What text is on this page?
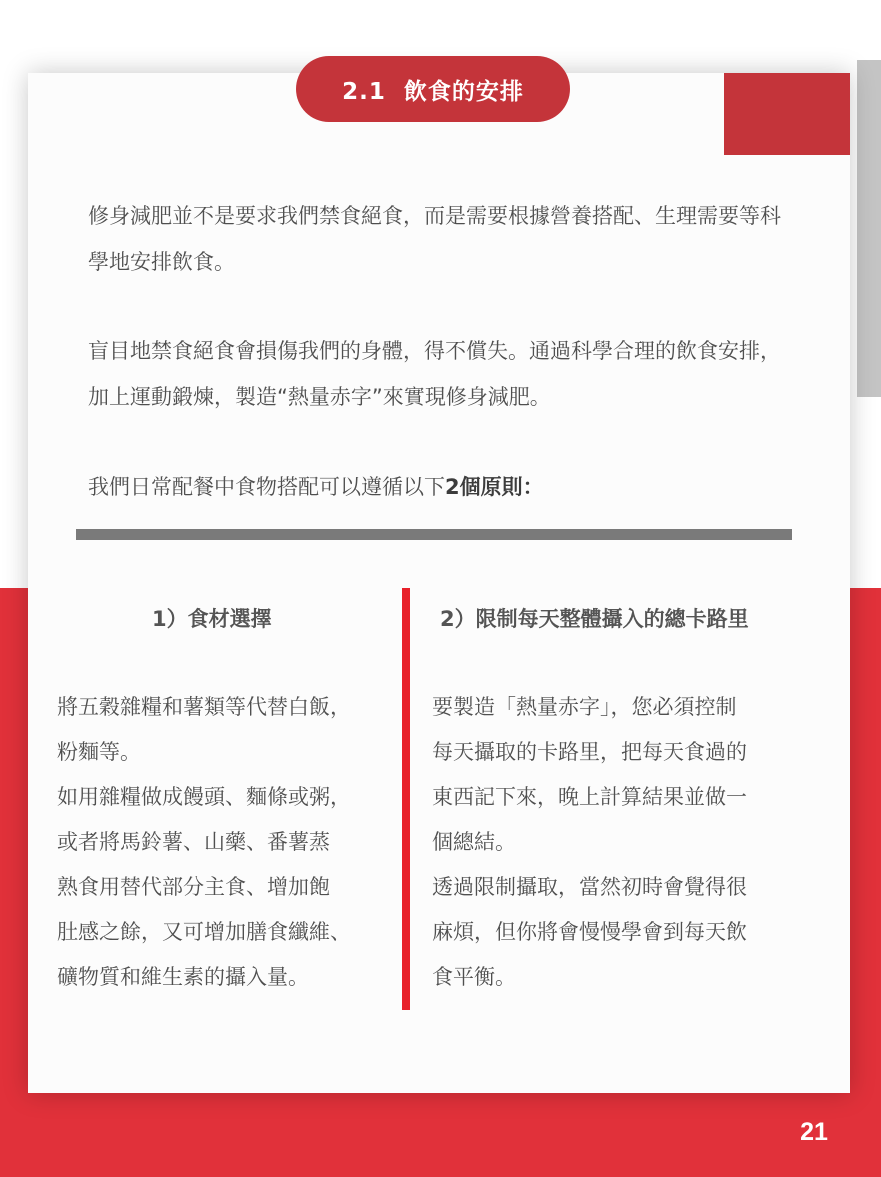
2.1 飲食的安排

修身減肥並不是要求我們禁食絕食，而是需要根據營養搭配、生理需要等科學地安排飲食。

盲目地禁食絕食會損傷我們的身體，得不償失。通過科學合理的飲食安排，加上運動鍛煉，製造“熱量赤字”來實現修身減肥。

我們日常配餐中食物搭配可以遵循以下2個原則：

1）食材選擇	2）限制每天整體攝入的總卡路里
將五穀雜糧和薯類等代替白飯，
粉麵等。
如用雜糧做成饅頭、麵條或粥，
或者將馬鈴薯、山藥、番薯蒸
熟食用替代部分主食、增加飽
肚感之餘，又可增加膳食纖維、
礦物質和維生素的攝入量。
要製造「熱量赤字」，您必須控制
每天攝取的卡路里，把每天食過的
東西記下來，晚上計算結果並做一
個總結。
透過限制攝取，當然初時會覺得很
麻煩，但你將會慢慢學會到每天飲
食平衡。
21
